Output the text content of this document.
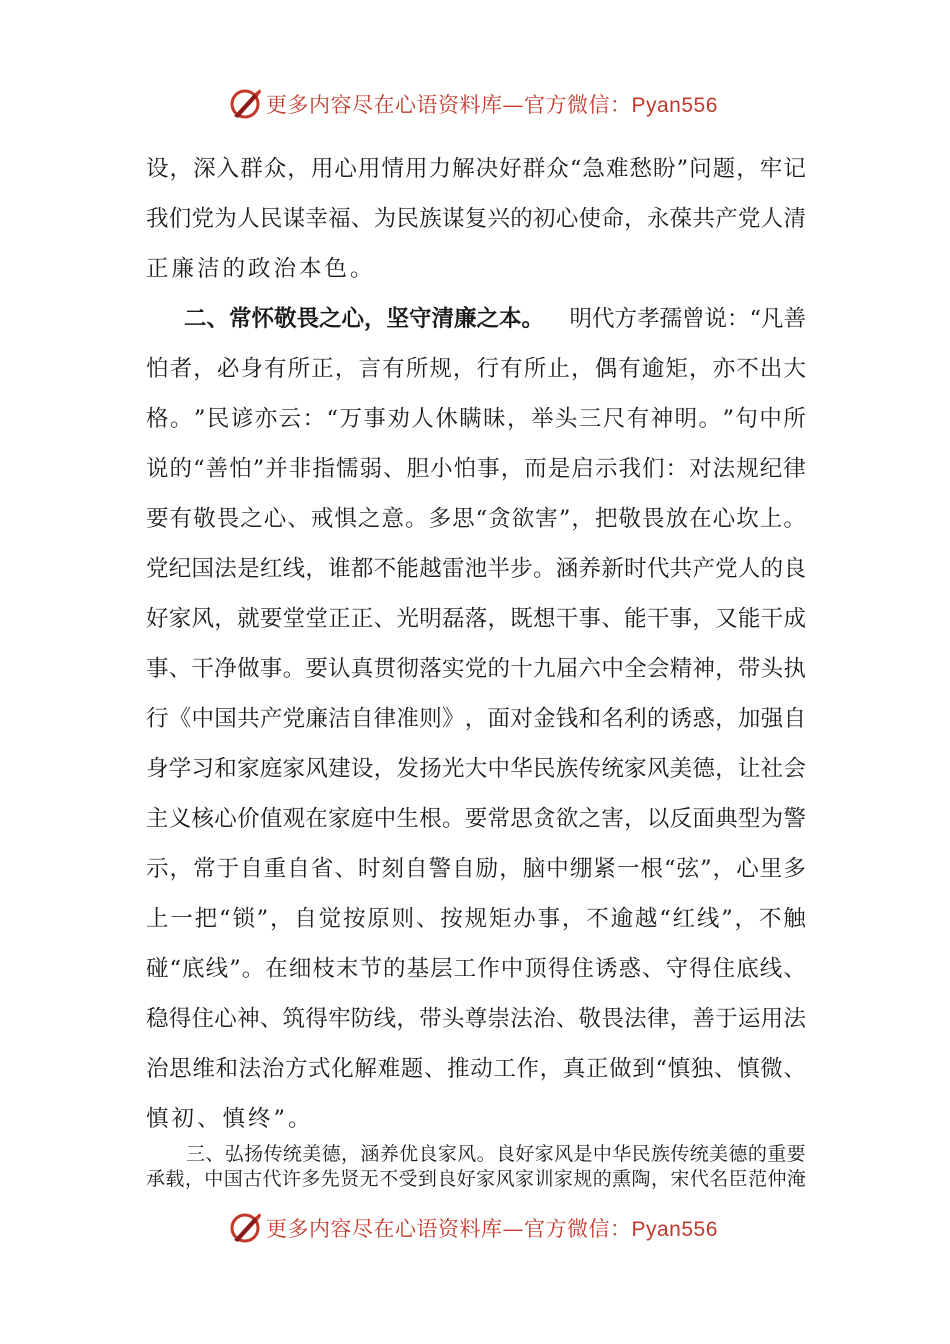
更多内容尽在心语资料库—官方微信：Pyan556
设 ， 深 入 群 众 ， 用 心 用 情 用 力 解 决 好 群 众 “ 急 难 愁 盼 ” 问 题 ， 牢 记
我 们 党 为 人 民 谋 幸 福 、 为 民 族 谋 复 兴 的 初 心 使 命 ， 永 葆 共 产 党 人 清
正廉洁的政治本色。
二、常怀敬畏之心，坚守清廉之本。 明代方孝孺曾说：“凡善
怕 者 ， 必 身 有 所 正 ， 言 有 所 规 ， 行 有 所 止 ， 偶 有 逾 矩 ， 亦 不 出 大
格 。 ” 民 谚 亦 云 ： “ 万 事 劝 人 休 瞒 昧 ， 举 头 三 尺 有 神 明 。 ” 句 中 所
说 的 “ 善 怕 ” 并 非 指 懦 弱 、 胆 小 怕 事 ， 而 是 启 示 我 们 ： 对 法 规 纪 律
要 有 敬 畏 之 心 、 戒 惧 之 意 。 多 思 “ 贪 欲 害 ” ， 把 敬 畏 放 在 心 坎 上 。
党 纪 国 法 是 红 线 ， 谁 都 不 能 越 雷 池 半 步 。 涵 养 新 时 代 共 产 党 人 的 良
好 家 风 ， 就 要 堂 堂 正 正 、 光 明 磊 落 ， 既 想 干 事 、 能 干 事 ， 又 能 干 成
事 、 干 净 做 事 。 要 认 真 贯 彻 落 实 党 的 十 九 届 六 中 全 会 精 神 ， 带 头 执
行 《 中 国 共 产 党 廉 洁 自 律 准 则 》 ， 面 对 金 钱 和 名 利 的 诱 惑 ， 加 强 自
身 学 习 和 家 庭 家 风 建 设 ， 发 扬 光 大 中 华 民 族 传 统 家 风 美 德 ， 让 社 会
主 义 核 心 价 值 观 在 家 庭 中 生 根 。 要 常 思 贪 欲 之 害 ， 以 反 面 典 型 为 警
示 ， 常 于 自 重 自 省 、 时 刻 自 警 自 励 ， 脑 中 绷 紧 一 根 “ 弦 ” ， 心 里 多
上 一 把 “ 锁 ” ， 自 觉 按 原 则 、 按 规 矩 办 事 ， 不 逾 越 “ 红 线 ” ， 不 触
碰 “ 底 线 ” 。 在 细 枝 末 节 的 基 层 工 作 中 顶 得 住 诱 惑 、 守 得 住 底 线 、
稳 得 住 心 神 、 筑 得 牢 防 线 ， 带 头 尊 崇 法 治 、 敬 畏 法 律 ， 善 于 运 用 法
治 思 维 和 法 治 方 式 化 解 难 题 、 推 动 工 作 ， 真 正 做 到 “ 慎 独 、 慎 微 、
慎初、慎终”。
三 、 弘 扬 传 统 美 德 ， 涵 养 优 良 家 风 。 良 好 家 风 是 中 华 民 族 传 统 美 德 的 重 要
承 载 ， 中 国 古 代 许 多 先 贤 无 不 受 到 良 好 家 风 家 训 家 规 的 熏 陶 ， 宋 代 名 臣 范 仲 淹
更多内容尽在心语资料库—官方微信：Pyan556
